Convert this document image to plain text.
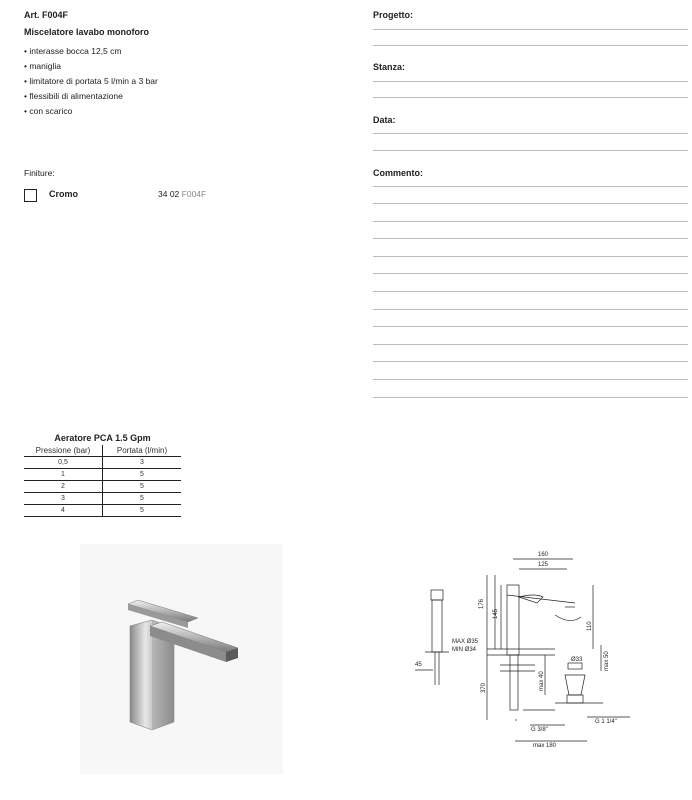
Art. F004F
Miscelatore lavabo monoforo
• interasse bocca 12,5 cm
• maniglia
• limitatore di portata 5 l/min a 3 bar
• flessibili di alimentazione
• con scarico
Finiture:
Cromo	34 02 F004F
Progetto:
Stanza:
Data:
Commento:
Aeratore PCA 1.5 Gpm
Pressione (bar)	Portata (l/min)
0,5	3
1	5
2	5
3	5
4	5
160
125
176
145
110
MAX Ø35
MIN Ø34
Ø33	max 50
max 40
370
45
G 3/8"
G 1 1/4"
max 180
